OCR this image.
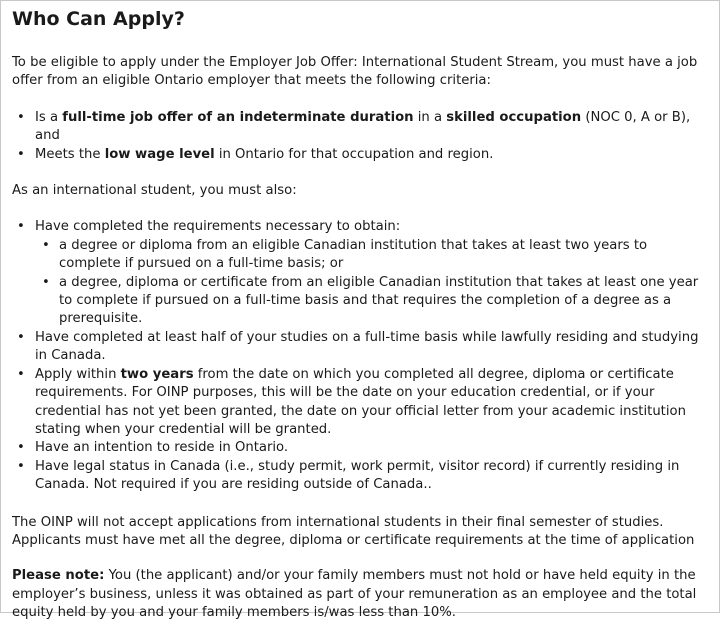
Who Can Apply?

To be eligible to apply under the Employer Job Offer: International Student Stream, you must have a job offer from an eligible Ontario employer that meets the following criteria:

• Is a full-time job offer of an indeterminate duration in a skilled occupation (NOC 0, A or B), and
• Meets the low wage level in Ontario for that occupation and region.

As an international student, you must also:

• Have completed the requirements necessary to obtain:
• a degree or diploma from an eligible Canadian institution that takes at least two years to complete if pursued on a full-time basis; or
• a degree, diploma or certificate from an eligible Canadian institution that takes at least one year to complete if pursued on a full-time basis and that requires the completion of a degree as a prerequisite.
• Have completed at least half of your studies on a full-time basis while lawfully residing and studying in Canada.
• Apply within two years from the date on which you completed all degree, diploma or certificate requirements. For OINP purposes, this will be the date on your education credential, or if your credential has not yet been granted, the date on your official letter from your academic institution stating when your credential will be granted.
• Have an intention to reside in Ontario.
• Have legal status in Canada (i.e., study permit, work permit, visitor record) if currently residing in Canada. Not required if you are residing outside of Canada..

The OINP will not accept applications from international students in their final semester of studies. Applicants must have met all the degree, diploma or certificate requirements at the time of application

Please note: You (the applicant) and/or your family members must not hold or have held equity in the employer’s business, unless it was obtained as part of your remuneration as an employee and the total equity held by you and your family members is/was less than 10%.
